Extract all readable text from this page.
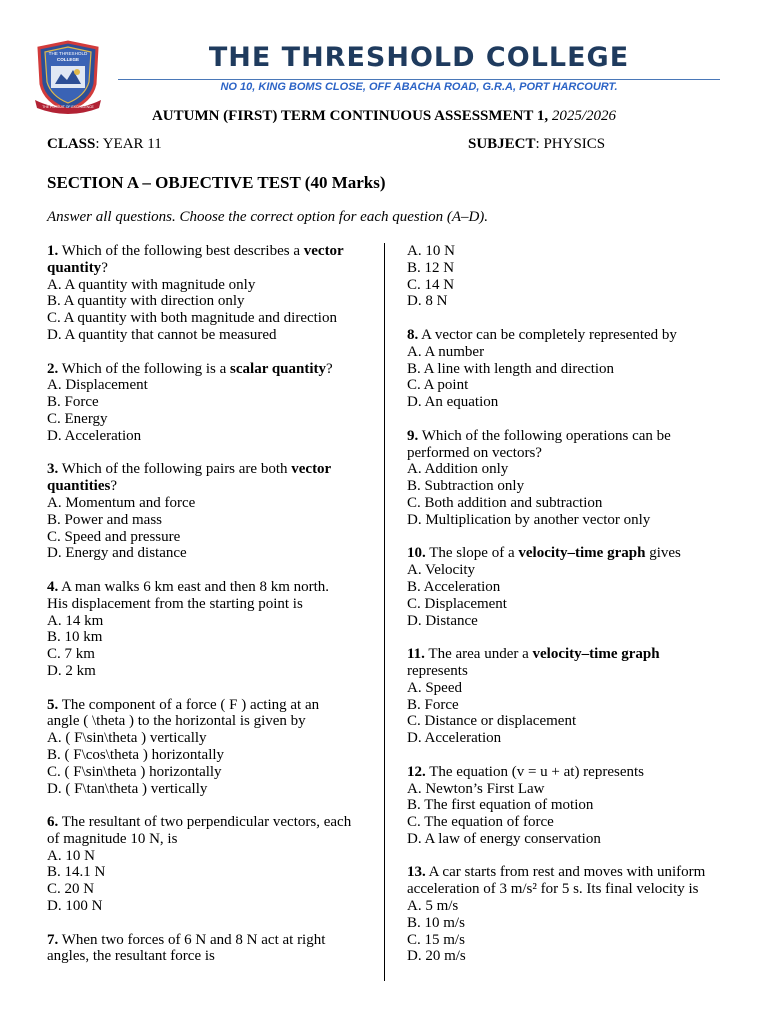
THE THRESHOLD
COLLEGE
THE PURSUIT OF EXCELLENCE
THE THRESHOLD COLLEGE
NO 10, KING BOMS CLOSE, OFF ABACHA ROAD, G.R.A, PORT HARCOURT.
AUTUMN (FIRST) TERM CONTINUOUS ASSESSMENT 1, 2025/2026
CLASS: YEAR 11	SUBJECT: PHYSICS
SECTION A – OBJECTIVE TEST (40 Marks)
Answer all questions. Choose the correct option for each question (A–D).
1. Which of the following best describes a vector
quantity?
A. A quantity with magnitude only
B. A quantity with direction only
C. A quantity with both magnitude and direction
D. A quantity that cannot be measured
2. Which of the following is a scalar quantity?
A. Displacement
B. Force
C. Energy
D. Acceleration
3. Which of the following pairs are both vector
quantities?
A. Momentum and force
B. Power and mass
C. Speed and pressure
D. Energy and distance
4. A man walks 6 km east and then 8 km north.
His displacement from the starting point is
A. 14 km
B. 10 km
C. 7 km
D. 2 km
5. The component of a force ( F ) acting at an
angle ( \theta ) to the horizontal is given by
A. ( F\sin\theta ) vertically
B. ( F\cos\theta ) horizontally
C. ( F\sin\theta ) horizontally
D. ( F\tan\theta ) vertically
6. The resultant of two perpendicular vectors, each
of magnitude 10 N, is
A. 10 N
B. 14.1 N
C. 20 N
D. 100 N
7. When two forces of 6 N and 8 N act at right
angles, the resultant force is
A. 10 N
B. 12 N
C. 14 N
D. 8 N
8. A vector can be completely represented by
A. A number
B. A line with length and direction
C. A point
D. An equation
9. Which of the following operations can be
performed on vectors?
A. Addition only
B. Subtraction only
C. Both addition and subtraction
D. Multiplication by another vector only
10. The slope of a velocity–time graph gives
A. Velocity
B. Acceleration
C. Displacement
D. Distance
11. The area under a velocity–time graph
represents
A. Speed
B. Force
C. Distance or displacement
D. Acceleration
12. The equation (v = u + at) represents
A. Newton’s First Law
B. The first equation of motion
C. The equation of force
D. A law of energy conservation
13. A car starts from rest and moves with uniform
acceleration of 3 m/s² for 5 s. Its final velocity is
A. 5 m/s
B. 10 m/s
C. 15 m/s
D. 20 m/s
